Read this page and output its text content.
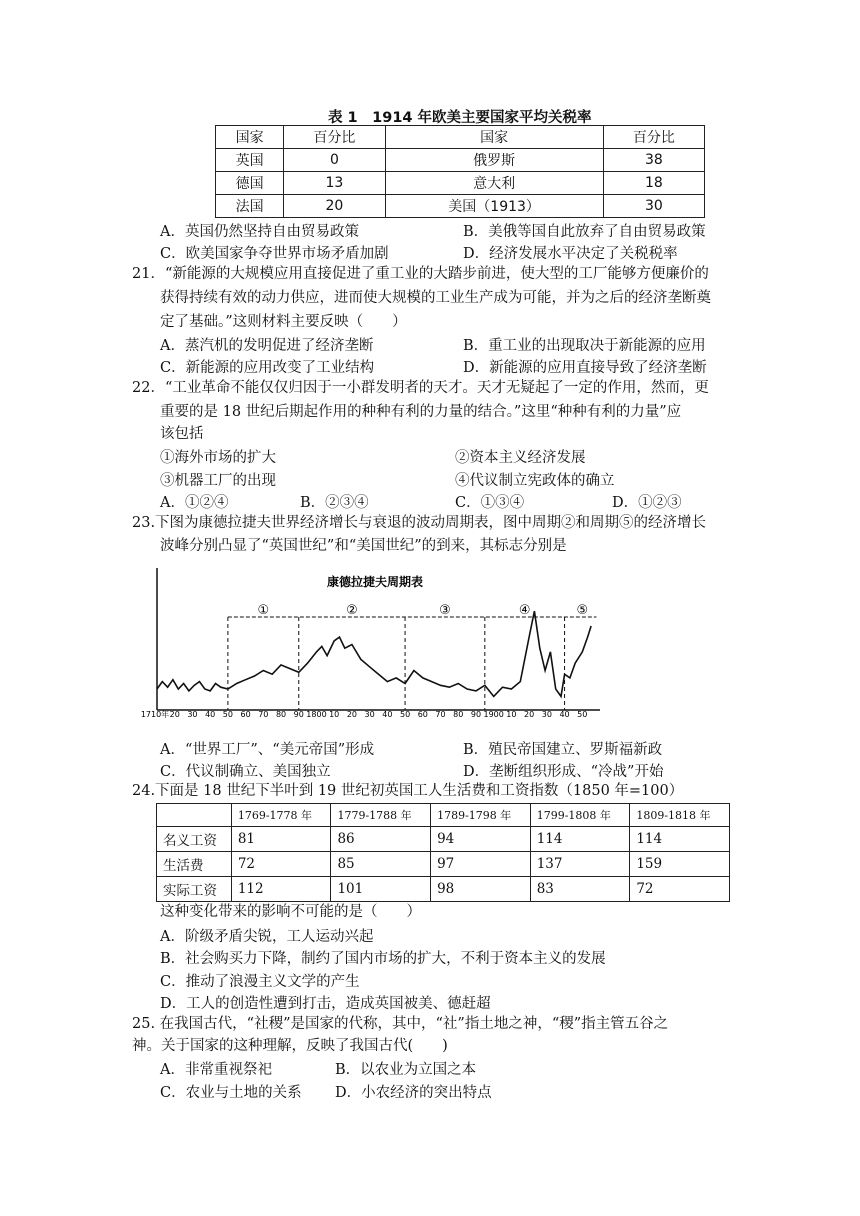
表 1　1914 年欧美主要国家平均关税率
国家	百分比	国家	百分比
英国	0	俄罗斯	38
德国	13	意大利	18
法国	20	美国（1913）	30
A．英国仍然坚持自由贸易政策	B．美俄等国自此放弃了自由贸易政策
C．欧美国家争夺世界市场矛盾加剧	D．经济发展水平决定了关税税率
21．“新能源的大规模应用直接促进了重工业的大踏步前进，使大型的工厂能够方便廉价的
获得持续有效的动力供应，进而使大规模的工业生产成为可能，并为之后的经济垄断奠
定了基础。”这则材料主要反映（　　）
A．蒸汽机的发明促进了经济垄断	B．重工业的出现取决于新能源的应用
C．新能源的应用改变了工业结构	D．新能源的应用直接导致了经济垄断
22．“工业革命不能仅仅归因于一小群发明者的天才。天才无疑起了一定的作用，然而，更
重要的是 18 世纪后期起作用的种种有利的力量的结合。”这里“种种有利的力量”应
该包括
①海外市场的扩大	②资本主义经济发展
③机器工厂的出现	④代议制立宪政体的确立
A．①②④	B．②③④	C．①③④	D．①②③
23.下图为康德拉捷夫世界经济增长与衰退的波动周期表，图中周期②和周期⑤的经济增长
波峰分别凸显了“英国世纪”和“美国世纪”的到来，其标志分别是
康德拉捷夫周期表
①	②	③	④	⑤
1710年 20 30 40 50 60 70 80 90 1800 10 20 30 40 50 60 70 80 90 1900 10 20 30 40 50
A．“世界工厂”、“美元帝国”形成	B．殖民帝国建立、罗斯福新政
C．代议制确立、美国独立	D．垄断组织形成、“冷战”开始
24.下面是 18 世纪下半叶到 19 世纪初英国工人生活费和工资指数（1850 年=100）
	1769-1778 年	1779-1788 年	1789-1798 年	1799-1808 年	1809-1818 年
名义工资	81	86	94	114	114
生活费	72	85	97	137	159
实际工资	112	101	98	83	72
这种变化带来的影响不可能的是（　　）
A．阶级矛盾尖锐，工人运动兴起
B．社会购买力下降，制约了国内市场的扩大，不利于资本主义的发展
C．推动了浪漫主义文学的产生
D．工人的创造性遭到打击，造成英国被美、德赶超
25. 在我国古代，“社稷”是国家的代称，其中，“社”指土地之神，“稷”指主管五谷之
神。关于国家的这种理解，反映了我国古代(　　)
A．非常重视祭祀	B．以农业为立国之本
C．农业与土地的关系 D．小农经济的突出特点
